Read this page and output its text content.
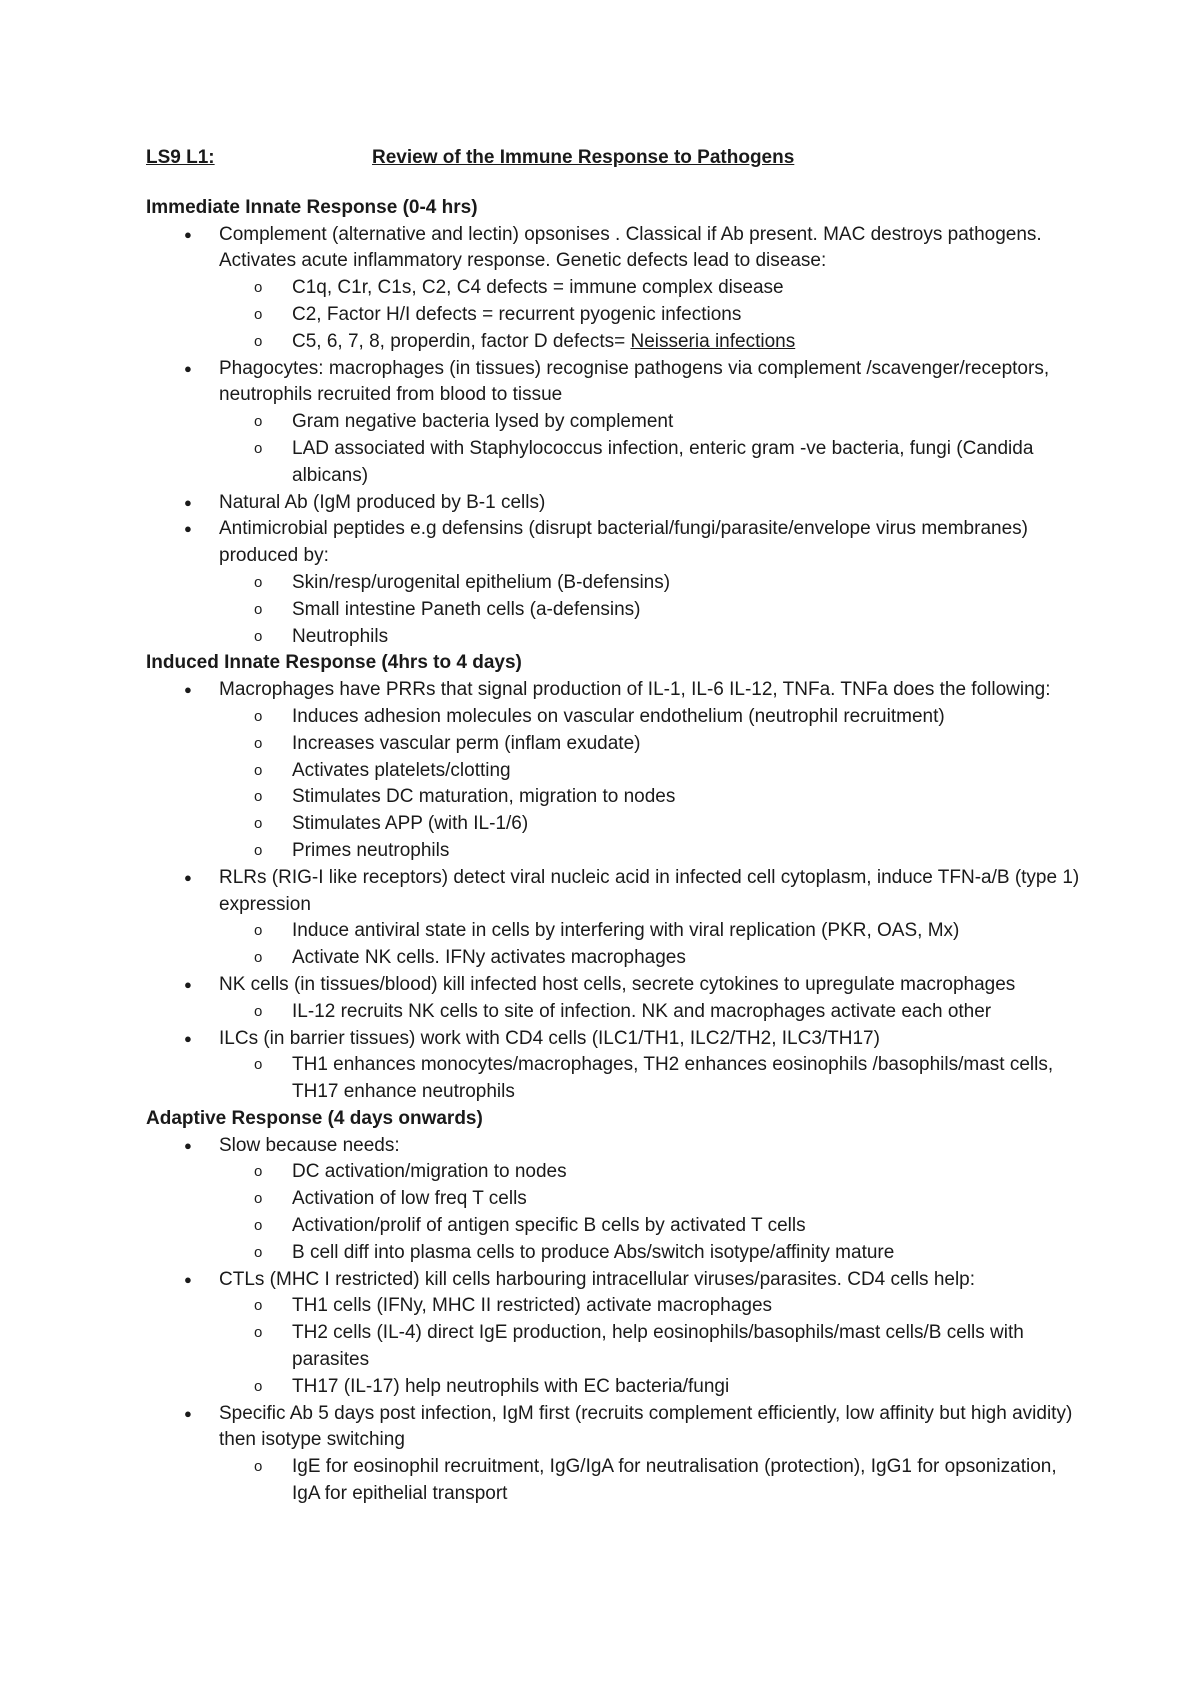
LS9 L1:	Review of the Immune Response to Pathogens
Immediate Innate Response (0-4 hrs)
● Complement (alternative and lectin) opsonises . Classical if Ab present. MAC destroys pathogens. Activates acute inflammatory response. Genetic defects lead to disease:
o C1q, C1r, C1s, C2, C4 defects = immune complex disease
o C2, Factor H/I defects = recurrent pyogenic infections
o C5, 6, 7, 8, properdin, factor D defects= Neisseria infections
● Phagocytes: macrophages (in tissues) recognise pathogens via complement /scavenger/receptors, neutrophils recruited from blood to tissue
o Gram negative bacteria lysed by complement
o LAD associated with Staphylococcus infection, enteric gram -ve bacteria, fungi (Candida albicans)
● Natural Ab (IgM produced by B-1 cells)
● Antimicrobial peptides e.g defensins (disrupt bacterial/fungi/parasite/envelope virus membranes) produced by:
o Skin/resp/urogenital epithelium (B-defensins)
o Small intestine Paneth cells (a-defensins)
o Neutrophils
Induced Innate Response (4hrs to 4 days)
● Macrophages have PRRs that signal production of IL-1, IL-6 IL-12, TNFa. TNFa does the following:
o Induces adhesion molecules on vascular endothelium (neutrophil recruitment)
o Increases vascular perm (inflam exudate)
o Activates platelets/clotting
o Stimulates DC maturation, migration to nodes
o Stimulates APP (with IL-1/6)
o Primes neutrophils
● RLRs (RIG-I like receptors) detect viral nucleic acid in infected cell cytoplasm, induce TFN-a/B (type 1) expression
o Induce antiviral state in cells by interfering with viral replication (PKR, OAS, Mx)
o Activate NK cells. IFNy activates macrophages
● NK cells (in tissues/blood) kill infected host cells, secrete cytokines to upregulate macrophages
o IL-12 recruits NK cells to site of infection. NK and macrophages activate each other
● ILCs (in barrier tissues) work with CD4 cells (ILC1/TH1, ILC2/TH2, ILC3/TH17)
o TH1 enhances monocytes/macrophages, TH2 enhances eosinophils /basophils/mast cells, TH17 enhance neutrophils
Adaptive Response (4 days onwards)
● Slow because needs:
o DC activation/migration to nodes
o Activation of low freq T cells
o Activation/prolif of antigen specific B cells by activated T cells
o B cell diff into plasma cells to produce Abs/switch isotype/affinity mature
● CTLs (MHC I restricted) kill cells harbouring intracellular viruses/parasites. CD4 cells help:
o TH1 cells (IFNy, MHC II restricted) activate macrophages
o TH2 cells (IL-4) direct IgE production, help eosinophils/basophils/mast cells/B cells with parasites
o TH17 (IL-17) help neutrophils with EC bacteria/fungi
● Specific Ab 5 days post infection, IgM first (recruits complement efficiently, low affinity but high avidity) then isotype switching
o IgE for eosinophil recruitment, IgG/IgA for neutralisation (protection), IgG1 for opsonization, IgA for epithelial transport
